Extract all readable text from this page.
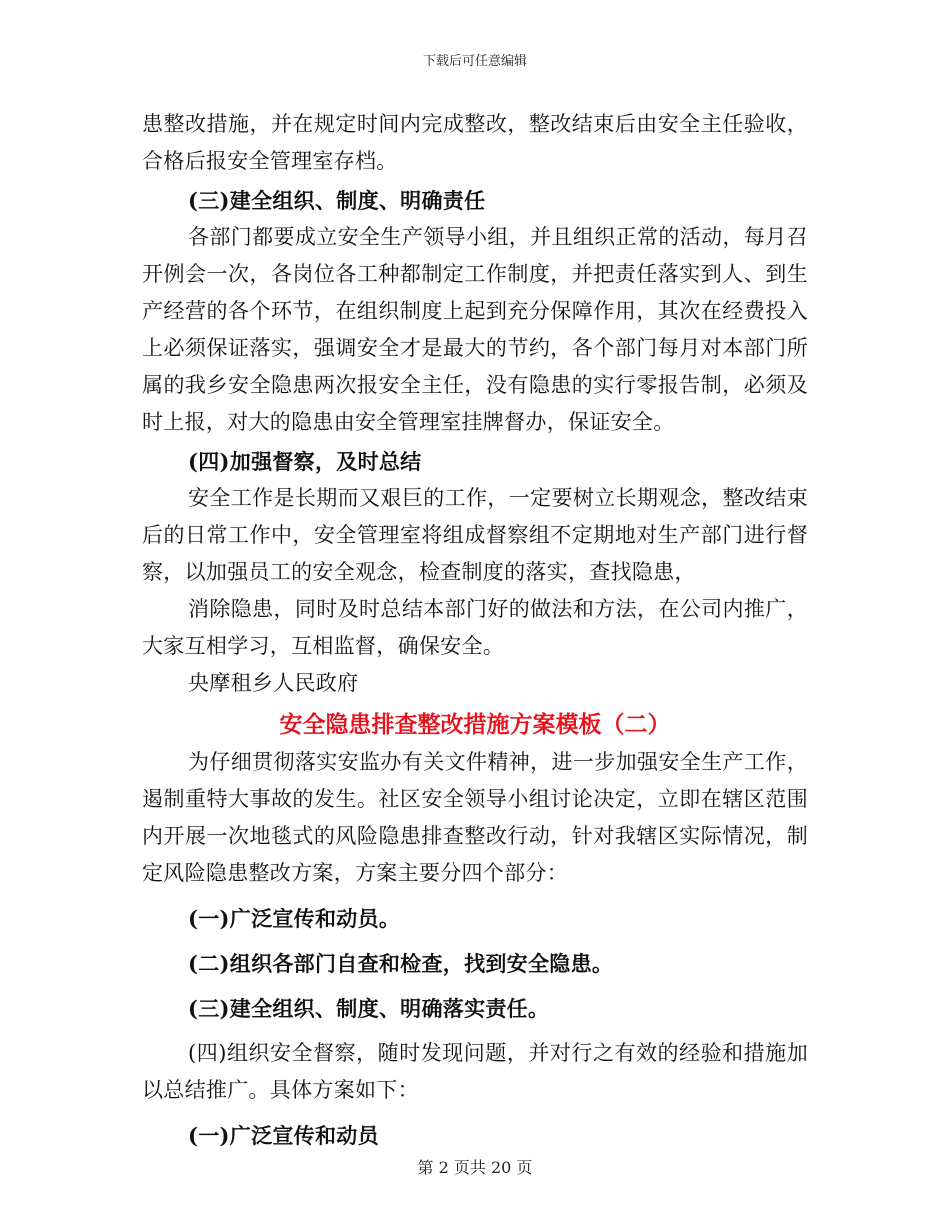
下载后可任意编辑

患整改措施，并在规定时间内完成整改，整改结束后由安全主任验收，合格后报安全管理室存档。

(三)建全组织、制度、明确责任

各部门都要成立安全生产领导小组，并且组织正常的活动，每月召开例会一次，各岗位各工种都制定工作制度，并把责任落实到人、到生产经营的各个环节，在组织制度上起到充分保障作用，其次在经费投入上必须保证落实，强调安全才是最大的节约，各个部门每月对本部门所属的我乡安全隐患两次报安全主任，没有隐患的实行零报告制，必须及时上报，对大的隐患由安全管理室挂牌督办，保证安全。

(四)加强督察，及时总结

安全工作是长期而又艰巨的工作，一定要树立长期观念，整改结束后的日常工作中，安全管理室将组成督察组不定期地对生产部门进行督察，以加强员工的安全观念，检查制度的落实，查找隐患，

消除隐患，同时及时总结本部门好的做法和方法，在公司内推广，大家互相学习，互相监督，确保安全。

央摩租乡人民政府

安全隐患排查整改措施方案模板（二）

为仔细贯彻落实安监办有关文件精神，进一步加强安全生产工作，遏制重特大事故的发生。社区安全领导小组讨论决定，立即在辖区范围内开展一次地毯式的风险隐患排查整改行动，针对我辖区实际情况，制定风险隐患整改方案，方案主要分四个部分：

(一)广泛宣传和动员。

(二)组织各部门自查和检查，找到安全隐患。

(三)建全组织、制度、明确落实责任。

(四)组织安全督察，随时发现问题，并对行之有效的经验和措施加以总结推广。具体方案如下：

(一)广泛宣传和动员

第 2 页共 20 页
